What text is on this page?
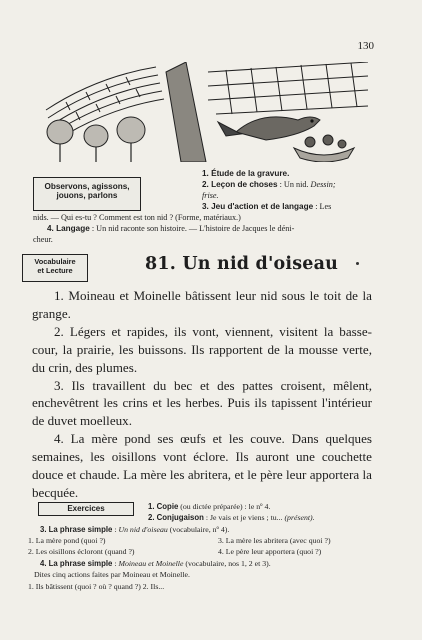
130
Observons, agissons,
jouons, parlons
1. Étude de la gravure.
2. Leçon de choses : Un nid. Dessin;
frise.
3. Jeu d'action et de langage : Les
nids. — Qui es-tu ? Comment est ton nid ? (Forme, matériaux.)
4. Langage : Un nid raconte son histoire. — L'histoire de Jacques le déni-
cheur.
Vocabulaire
et Lecture	81. Un nid d'oiseau

1. Moineau et Moinelle bâtissent leur nid sous le toit de la grange.

2. Légers et rapides, ils vont, viennent, visitent la basse-cour, la prairie, les buissons. Ils rapportent de la mousse verte, du crin, des plumes.

3. Ils travaillent du bec et des pattes croisent, mêlent, enchevêtrent les crins et les herbes. Puis ils tapissent l'intérieur de duvet moelleux.

4. La mère pond ses œufs et les couve. Dans quelques semaines, les oisillons vont éclore. Ils auront une couchette douce et chaude. La mère les abritera, et le père leur apportera la becquée.

Exercices	1. Copie (ou dictée préparée) : le nº 4.
2. Conjugaison : Je vais et je viens ; tu... (présent).
3. La phrase simple : Un nid d'oiseau (vocabulaire, nº 4).
1. La mère pond (quoi ?)	3. La mère les abritera (avec quoi ?)
2. Les oisillons écloront (quand ?)	4. Le père leur apportera (quoi ?)
4. La phrase simple : Moineau et Moinelle (vocabulaire, nos 1, 2 et 3).
Dites cinq actions faites par Moineau et Moinelle.
1. Ils bâtissent (quoi ? où ? quand ?) 2. Ils...
